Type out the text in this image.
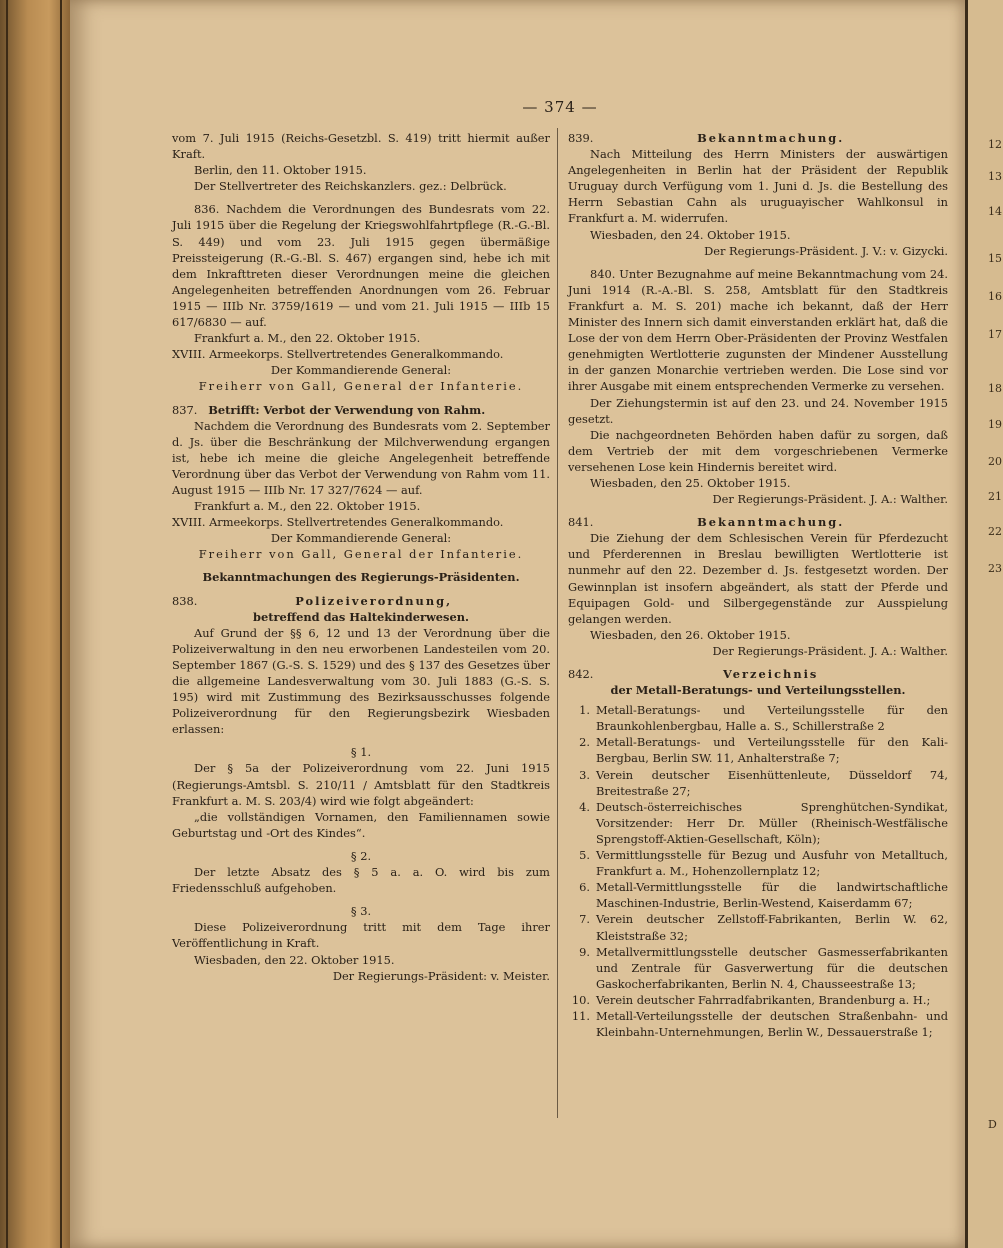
12
13
14
15
16
17
18
19
20
21
22
23
D
— 374 —

vom 7. Juli 1915 (Reichs-Gesetzbl. S. 419) tritt hiermit außer Kraft.

Berlin, den 11. Oktober 1915.

Der Stellvertreter des Reichskanzlers. gez.: Delbrück.

836. Nachdem die Verordnungen des Bundesrats vom 22. Juli 1915 über die Regelung der Kriegswohlfahrtpflege (R.-G.-Bl. S. 449) und vom 23. Juli 1915 gegen übermäßige Preissteigerung (R.-G.-Bl. S. 467) ergangen sind, hebe ich mit dem Inkrafttreten dieser Verordnungen meine die gleichen Angelegenheiten betreffenden Anordnungen vom 26. Februar 1915 — IIIb Nr. 3759/1619 — und vom 21. Juli 1915 — IIIb 15 617/6830 — auf.

Frankfurt a. M., den 22. Oktober 1915.

XVIII. Armeekorps. Stellvertretendes Generalkommando.

Der Kommandierende General:

Freiherr von Gall, General der Infanterie.

837. Betrifft: Verbot der Verwendung von Rahm.

Nachdem die Verordnung des Bundesrats vom 2. September d. Js. über die Beschränkung der Milchverwendung ergangen ist, hebe ich meine die gleiche Angelegenheit betreffende Verordnung über das Verbot der Verwendung von Rahm vom 11. August 1915 — IIIb Nr. 17 327/7624 — auf.

Frankfurt a. M., den 22. Oktober 1915.

XVIII. Armeekorps. Stellvertretendes Generalkommando.

Der Kommandierende General:

Freiherr von Gall, General der Infanterie.

Bekanntmachungen des Regierungs-Präsidenten.

838.	Polizeiverordnung,

betreffend das Haltekinderwesen.

Auf Grund der §§ 6, 12 und 13 der Verordnung über die Polizeiverwaltung in den neu erworbenen Landesteilen vom 20. September 1867 (G.-S. S. 1529) und des § 137 des Gesetzes über die allgemeine Landesverwaltung vom 30. Juli 1883 (G.-S. S. 195) wird mit Zustimmung des Bezirksausschusses folgende Polizeiverordnung für den Regierungsbezirk Wiesbaden erlassen:

§ 1.

Der § 5a der Polizeiverordnung vom 22. Juni 1915 (Regierungs-Amtsbl. S. 210/11 / Amtsblatt für den Stadtkreis Frankfurt a. M. S. 203/4) wird wie folgt abgeändert:

„die vollständigen Vornamen, den Familiennamen sowie Geburtstag und -Ort des Kindes“.

§ 2.

Der letzte Absatz des § 5 a. a. O. wird bis zum Friedensschluß aufgehoben.

§ 3.

Diese Polizeiverordnung tritt mit dem Tage ihrer Veröffentlichung in Kraft.

Wiesbaden, den 22. Oktober 1915.

Der Regierungs-Präsident: v. Meister.

839.	Bekanntmachung.

Nach Mitteilung des Herrn Ministers der auswärtigen Angelegenheiten in Berlin hat der Präsident der Republik Uruguay durch Verfügung vom 1. Juni d. Js. die Bestellung des Herrn Sebastian Cahn als uruguayischer Wahlkonsul in Frankfurt a. M. widerrufen.

Wiesbaden, den 24. Oktober 1915.

Der Regierungs-Präsident. J. V.: v. Gizycki.

840. Unter Bezugnahme auf meine Bekanntmachung vom 24. Juni 1914 (R.-A.-Bl. S. 258, Amtsblatt für den Stadtkreis Frankfurt a. M. S. 201) mache ich bekannt, daß der Herr Minister des Innern sich damit einverstanden erklärt hat, daß die Lose der von dem Herrn Ober-Präsidenten der Provinz Westfalen genehmigten Wertlotterie zugunsten der Mindener Ausstellung in der ganzen Monarchie vertrieben werden. Die Lose sind vor ihrer Ausgabe mit einem entsprechenden Vermerke zu versehen.

Der Ziehungstermin ist auf den 23. und 24. November 1915 gesetzt.

Die nachgeordneten Behörden haben dafür zu sorgen, daß dem Vertrieb der mit dem vorgeschriebenen Vermerke versehenen Lose kein Hindernis bereitet wird.

Wiesbaden, den 25. Oktober 1915.

Der Regierungs-Präsident. J. A.: Walther.

841.	Bekanntmachung.

Die Ziehung der dem Schlesischen Verein für Pferdezucht und Pferderennen in Breslau bewilligten Wertlotterie ist nunmehr auf den 22. Dezember d. Js. festgesetzt worden. Der Gewinnplan ist insofern abgeändert, als statt der Pferde und Equipagen Gold- und Silbergegenstände zur Ausspielung gelangen werden.

Wiesbaden, den 26. Oktober 1915.

Der Regierungs-Präsident. J. A.: Walther.

842.	Verzeichnis

der Metall-Beratungs- und Verteilungsstellen.

1. Metall-Beratungs- und Verteilungsstelle für den Braunkohlenbergbau, Halle a. S., Schillerstraße 2
2. Metall-Beratungs- und Verteilungsstelle für den Kali-Bergbau, Berlin SW. 11, Anhalterstraße 7;
3. Verein deutscher Eisenhüttenleute, Düsseldorf 74, Breitestraße 27;
4. Deutsch-österreichisches Sprenghütchen-Syndikat, Vorsitzender: Herr Dr. Müller (Rheinisch-Westfälische Sprengstoff-Aktien-Gesellschaft, Köln);
5. Vermittlungsstelle für Bezug und Ausfuhr von Metalltuch, Frankfurt a. M., Hohenzollernplatz 12;
6. Metall-Vermittlungsstelle für die landwirtschaftliche Maschinen-Industrie, Berlin-Westend, Kaiserdamm 67;
7. Verein deutscher Zellstoff-Fabrikanten, Berlin W. 62, Kleiststraße 32;
9. Metallvermittlungsstelle deutscher Gasmesserfabrikanten und Zentrale für Gasverwertung für die deutschen Gaskocherfabrikanten, Berlin N. 4, Chausseestraße 13;
10. Verein deutscher Fahrradfabrikanten, Brandenburg a. H.;
11. Metall-Verteilungsstelle der deutschen Straßenbahn- und Kleinbahn-Unternehmungen, Berlin W., Dessauerstraße 1;
